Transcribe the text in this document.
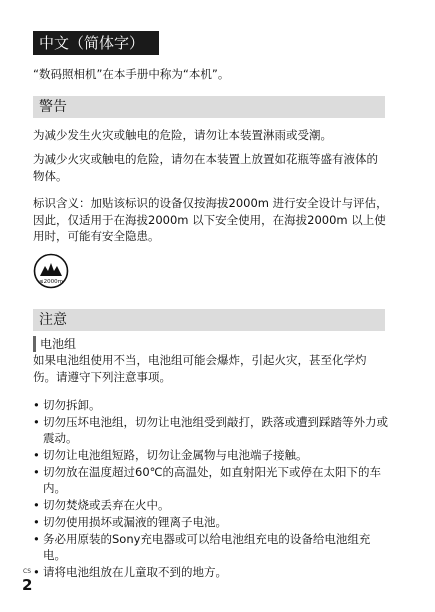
中文（简体字）
“数码照相机”在本手册中称为“本机”。
警告

为减少发生火灾或触电的危险，请勿让本装置淋雨或受潮。

为减少火灾或触电的危险，请勿在本装置上放置如花瓶等盛有液体的物体。

标识含义：加贴该标识的设备仅按海拔2000m 进行安全设计与评估，因此，仅适用于在海拔2000m 以下安全使用，在海拔2000m 以上使用时，可能有安全隐患。

≤2000m
注意
电池组

如果电池组使用不当，电池组可能会爆炸，引起火灾，甚至化学灼伤。请遵守下列注意事项。

• 切勿拆卸。
• 切勿压坏电池组，切勿让电池组受到敲打，跌落或遭到踩踏等外力或震动。
• 切勿让电池组短路，切勿让金属物与电池端子接触。
• 切勿放在温度超过60℃的高温处，如直射阳光下或停在太阳下的车内。
• 切勿焚烧或丢弃在火中。
• 切勿使用损坏或漏液的锂离子电池。
• 务必用原装的Sony充电器或可以给电池组充电的设备给电池组充电。
• 请将电池组放在儿童取不到的地方。
CS
2
